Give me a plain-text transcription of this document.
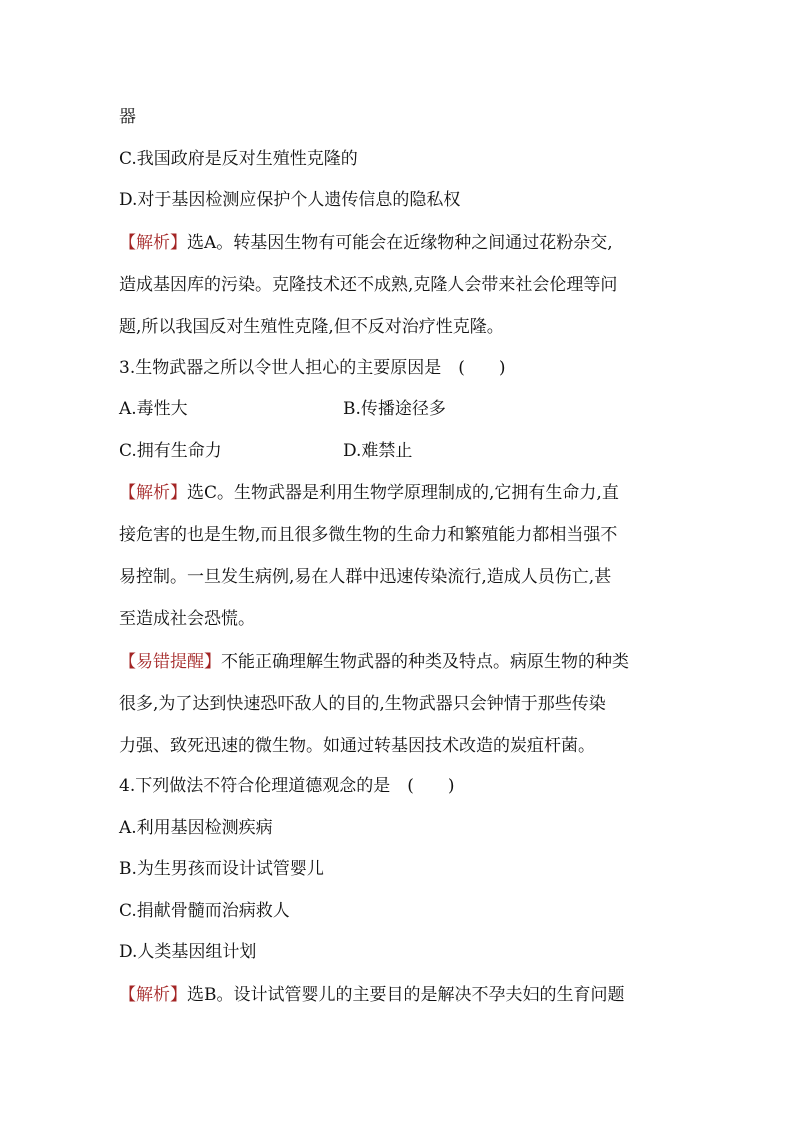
器
C.我国政府是反对生殖性克隆的
D.对于基因检测应保护个人遗传信息的隐私权
【解析】选A。转基因生物有可能会在近缘物种之间通过花粉杂交,
造成基因库的污染。克隆技术还不成熟,克隆人会带来社会伦理等问
题,所以我国反对生殖性克隆,但不反对治疗性克隆。
3.生物武器之所以令世人担心的主要原因是　(　　)
A.毒性大	B.传播途径多
C.拥有生命力	D.难禁止
【解析】选C。生物武器是利用生物学原理制成的,它拥有生命力,直
接危害的也是生物,而且很多微生物的生命力和繁殖能力都相当强不
易控制。一旦发生病例,易在人群中迅速传染流行,造成人员伤亡,甚
至造成社会恐慌。
【易错提醒】不能正确理解生物武器的种类及特点。病原生物的种类
很多,为了达到快速恐吓敌人的目的,生物武器只会钟情于那些传染
力强、致死迅速的微生物。如通过转基因技术改造的炭疽杆菌。
4.下列做法不符合伦理道德观念的是　(　　)
A.利用基因检测疾病
B.为生男孩而设计试管婴儿
C.捐献骨髓而治病救人
D.人类基因组计划
【解析】选B。设计试管婴儿的主要目的是解决不孕夫妇的生育问题
